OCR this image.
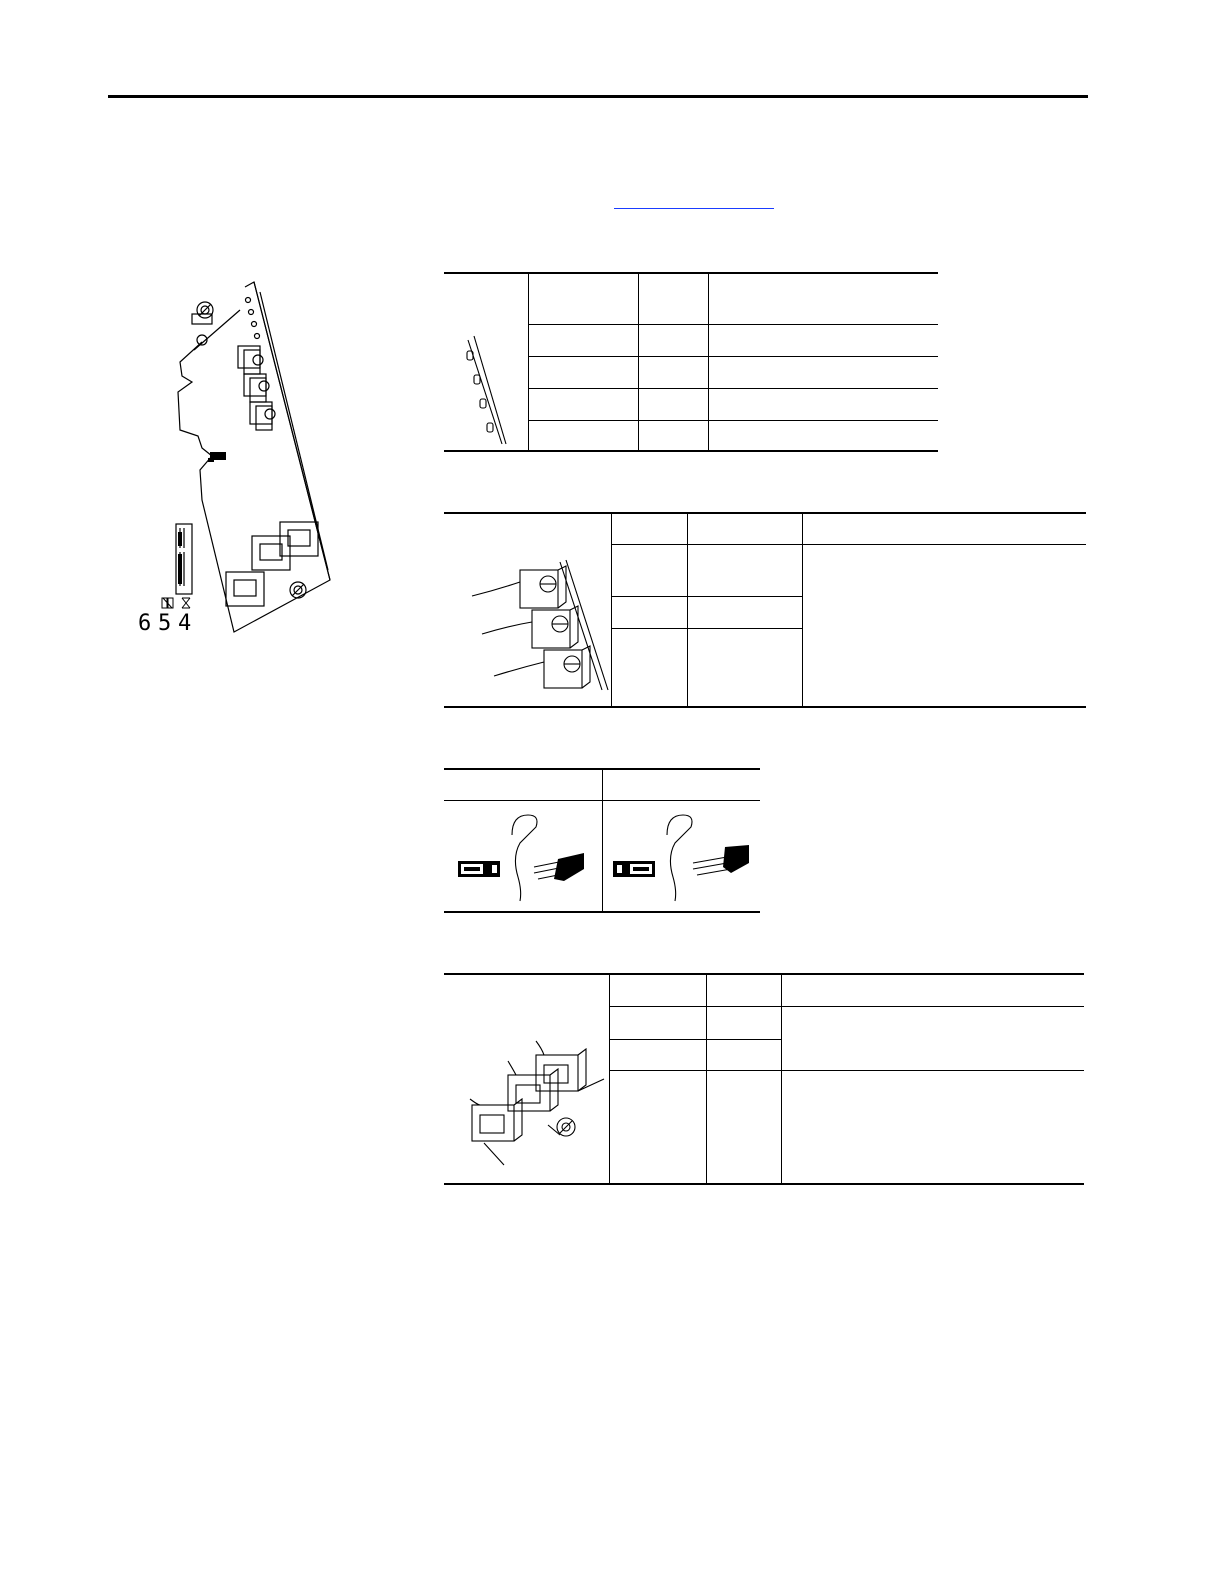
6 5 4
